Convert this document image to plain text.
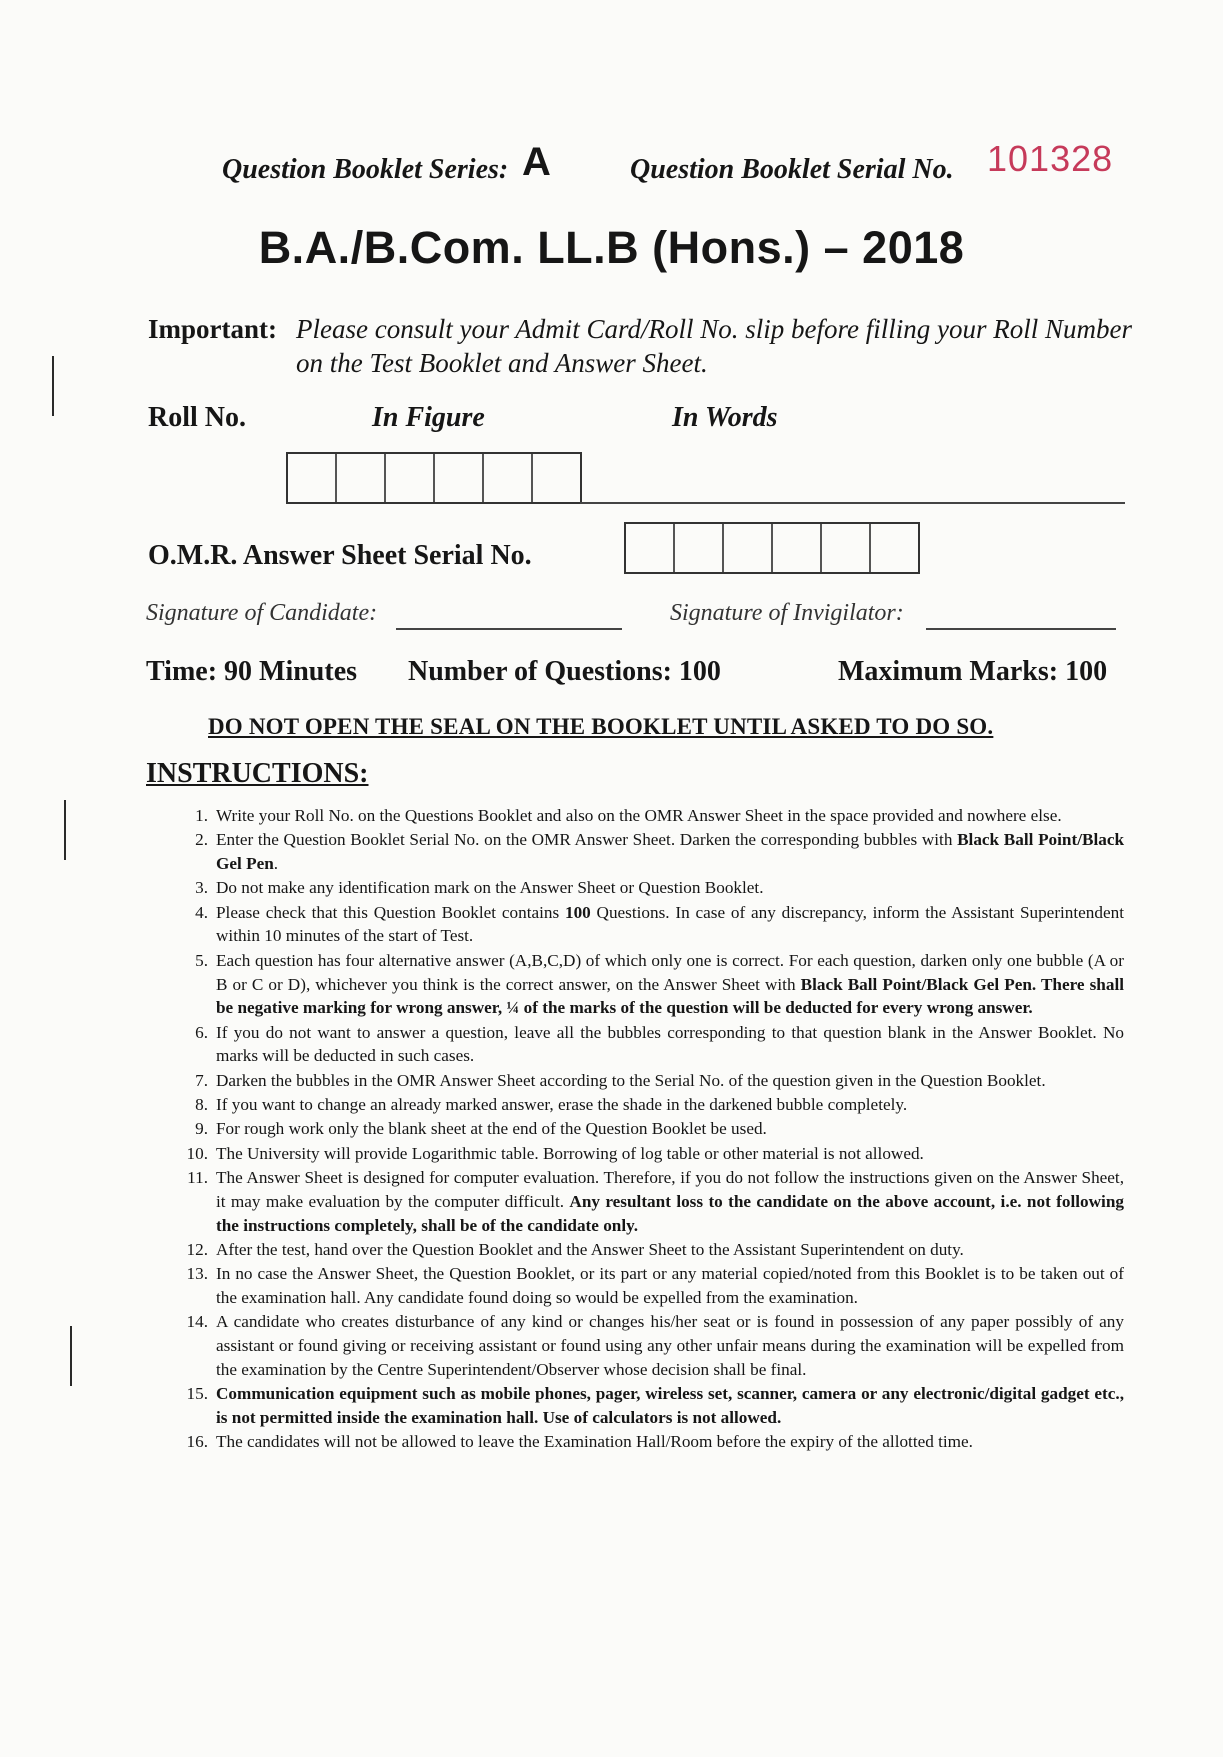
Question Booklet Series: A	Question Booklet Serial No. 101328
B.A./B.Com. LL.B (Hons.) – 2018
Important: Please consult your Admit Card/Roll No. slip before filling your Roll Number on the Test Booklet and Answer Sheet.
Roll No.	In Figure	In Words
O.M.R. Answer Sheet Serial No.
Signature of Candidate:	Signature of Invigilator:
Time: 90 Minutes Number of Questions: 100	Maximum Marks: 100
DO NOT OPEN THE SEAL ON THE BOOKLET UNTIL ASKED TO DO SO.
INSTRUCTIONS:
1. Write your Roll No. on the Questions Booklet and also on the OMR Answer Sheet in the space provided and nowhere else.
2. Enter the Question Booklet Serial No. on the OMR Answer Sheet. Darken the corresponding bubbles with Black Ball Point/Black Gel Pen.
3. Do not make any identification mark on the Answer Sheet or Question Booklet.
4. Please check that this Question Booklet contains 100 Questions. In case of any discrepancy, inform the Assistant Superintendent within 10 minutes of the start of Test.
5. Each question has four alternative answer (A,B,C,D) of which only one is correct. For each question, darken only one bubble (A or B or C or D), whichever you think is the correct answer, on the Answer Sheet with Black Ball Point/Black Gel Pen. There shall be negative marking for wrong answer, ¼ of the marks of the question will be deducted for every wrong answer.
6. If you do not want to answer a question, leave all the bubbles corresponding to that question blank in the Answer Booklet. No marks will be deducted in such cases.
7. Darken the bubbles in the OMR Answer Sheet according to the Serial No. of the question given in the Question Booklet.
8. If you want to change an already marked answer, erase the shade in the darkened bubble completely.
9. For rough work only the blank sheet at the end of the Question Booklet be used.
10. The University will provide Logarithmic table. Borrowing of log table or other material is not allowed.
11. The Answer Sheet is designed for computer evaluation. Therefore, if you do not follow the instructions given on the Answer Sheet, it may make evaluation by the computer difficult. Any resultant loss to the candidate on the above account, i.e. not following the instructions completely, shall be of the candidate only.
12. After the test, hand over the Question Booklet and the Answer Sheet to the Assistant Superintendent on duty.
13. In no case the Answer Sheet, the Question Booklet, or its part or any material copied/noted from this Booklet is to be taken out of the examination hall. Any candidate found doing so would be expelled from the examination.
14. A candidate who creates disturbance of any kind or changes his/her seat or is found in possession of any paper possibly of any assistant or found giving or receiving assistant or found using any other unfair means during the examination will be expelled from the examination by the Centre Superintendent/Observer whose decision shall be final.
15. Communication equipment such as mobile phones, pager, wireless set, scanner, camera or any electronic/digital gadget etc., is not permitted inside the examination hall. Use of calculators is not allowed.
16. The candidates will not be allowed to leave the Examination Hall/Room before the expiry of the allotted time.
